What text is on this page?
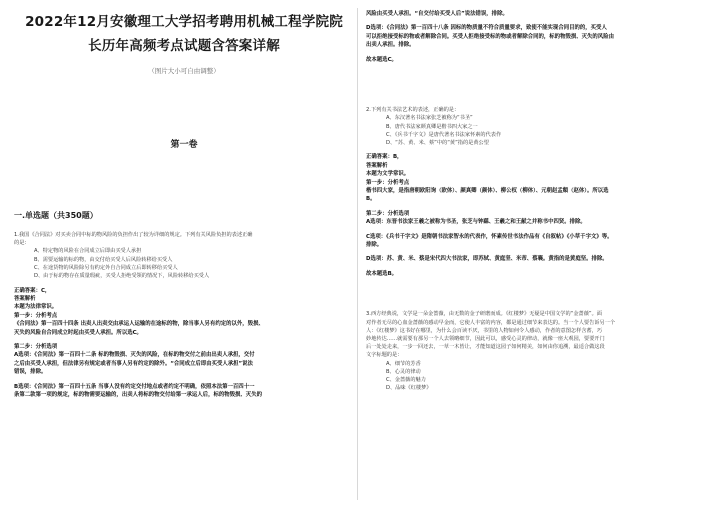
2022年12月安徽理工大学招考聘用机械工程学院院
长历年高频考点试题含答案详解
（图片大小可自由调整）
第一卷
一.单选题（共350题）
1.我国《合同法》对买卖合同中标的物风险的负担作出了较为详细的规定。下列有关风险负担的表述正确
的是：
A、特定物的风险在合同成立后即由买受人承担
B、需要运输的标的物，由交付给买受人后风险转移给买受人
C、在途货物的风险除另有约定外自合同成立后即转移给买受人
D、由于标的物存在质量瑕疵，买受人拒绝受领的情况下，风险转移给买受人
正确答案：C，
答案解析
本题为法律常识。
第一步：分析考点
《合同法》第一百四十四条 出卖人出卖交由承运人运输的在途标的物，除当事人另有约定的以外，毁损、
灭失的风险自合同成立时起由买受人承担。所以选C。
第二步：分析选项
A选项：《合同法》第一百四十二条 标的物毁损、灭失的风险，在标的物交付之前由出卖人承担，交付
之后由买受人承担，但法律另有规定或者当事人另有约定的除外。“合同成立后即由买受人承担”说法
错误，排除。
B选项：《合同法》第一百四十五条 当事人没有约定交付地点或者约定不明确，依照本法第一百四十一
条第二款第一项的规定，标的物需要运输的，出卖人将标的物交付给第一承运人后，标的物毁损、灭失的
风险由买受人承担。“自交付给买受人后”说法错误，排除。
D选项：《合同法》第一百四十八条 因标的物质量不符合质量要求，致使不能实现合同目的的，买受人
可以拒绝接受标的物或者解除合同。买受人拒绝接受标的物或者解除合同的，标的物毁损、灭失的风险由
出卖人承担。排除。
故本题选C。
2.下列有关书法艺术的表述，正确的是：
A、东汉著名书法家张芝被称为“书圣”
B、唐代书法家颜真卿是楷书四大家之一
C、《兵书千字文》是唐代著名书法家怀素的代表作
D、“苏、黄、米、蔡”中的“黄”指的是黄公望
正确答案：B，
答案解析
本题为文学常识。
第一步：分析考点
楷书四大家，是指唐朝欧阳询（欧体）、颜真卿（颜体）、柳公权（柳体）、元朝赵孟頫（赵体）。所以选
B。
第二步：分析选项
A选项：东晋书法家王羲之被称为书圣，张芝与钟繇、王羲之和王献之并称书中四贤。排除。
C选项：《兵书千字文》是隋朝书法家智永的代表作，怀素传世书法作品有《自叙帖》《小草千字文》等。
排除。
D选项：苏、黄、米、蔡是宋代四大书法家，即苏轼、黄庭坚、米芾、蔡襄。黄指的是黄庭坚。排除。
故本题选B。
3.西方经典说，文学是一朵金蔷薇，由无数的金子研磨而成。《红楼梦》无疑是中国文学的“金蔷薇”。面
对作者无尽的心血金蔷薇的感动早金而，它使人丰富的内容，都是通过细节来表达的。当一个人要告诉另一个
人：《红楼梦》这书好在哪里，为什么会百读不厌，书里的人物如何令人感动，作者的意图怎样含蓄，巧
妙地传达……就需要有那另一个人去领略细节，因此可以，感受心灵的律动，就像一座大观园，要要开门
后一处处走来，一步一回还去，一草一木皆让，才能知道这园子如何精美，如何由你追溯，最适合做这段
文字标题的是：
A、细节的芳香
B、心灵的律动
C、金蔷薇的魅力
D、品味《红楼梦》
